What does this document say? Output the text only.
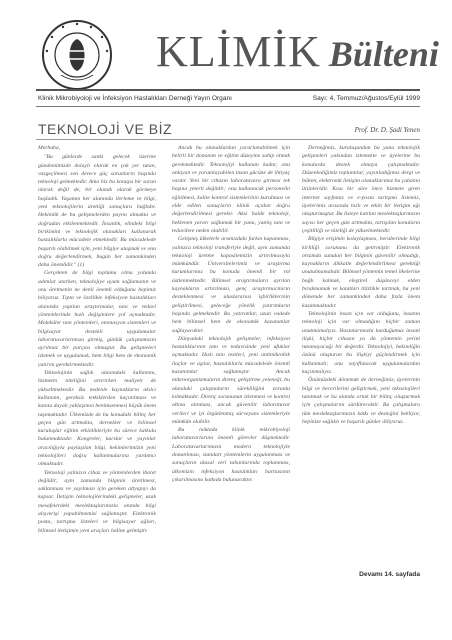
KLİMİK Bülteni
Klinik Mikrobiyoloji ve İnfeksiyon Hastalıkları Derneği Yayın Organı	Sayı: 4, Temmuz/Ağustos/Eylül 1999
TEKNOLOJİ VE BİZ	Prof. Dr. D. Şadi Yenen

Merhaba,

"Bu günlerde sanki gelecek üzerine gündemimizde dolaylı olarak en çok yer tutan, vazgeçilmesi son derece güç sorunların başında teknoloji gelmektedir. Ama biz bu konuyu bir sorun olarak değil de, bir olanak olarak görmeye başladık. Yaşamın her alanında ilerleme ve bilgi, yeni teknolojilerin ürettiği sonuçlara bağlıdır. Hekimlik de bu gelişmelerden payını almakta ve doğrudan etkilenmektedir. İnsanlık, elindeki bilgi birikimini ve teknolojik olanakları kullanarak hastalıklarla mücadele etmektedir. Bu mücadelede başarılı olabilmek için, yeni bilgiye ulaşmak ve onu doğru değerlendirmek, bugün her zamankinden daha önemlidir." (1)

Gerçekten de bilgi toplumu olma yolunda adımlar atarken, teknolojiye uyum sağlamanın ve onu üretmenin ne denli önemli olduğunu hepimiz biliyoruz. Tıpta ve özellikle infeksiyon hastalıkları alanında yapılan araştırmalar, tanı ve tedavi yöntemlerinde hızlı değişimlere yol açmaktadır. Moleküler tanı yöntemleri, otomasyon sistemleri ve bilgisayar destekli uygulamalar laboratuvarlarımıza girmiş, günlük çalışmamızın ayrılmaz bir parçası olmuştur. Bu gelişmeleri izlemek ve uygulamak, hem bilgi hem de ekonomik yatırım gerektirmektedir.

Teknolojinin sağlık alanındaki kullanımı, hizmetin niteliğini artırırken maliyeti de yükseltmektedir. Bu nedenle kaynakların akılcı kullanımı, gereksiz tetkiklerden kaçınılması ve kanıta dayalı yaklaşımın benimsenmesi büyük önem taşımaktadır. Ülkemizde de bu konudaki bilinç her geçen gün artmakta, dernekler ve bilimsel kuruluşlar eğitim etkinlikleriyle bu sürece katkıda bulunmaktadır. Kongreler, kurslar ve yayınlar aracılığıyla paylaşılan bilgi, hekimlerimizin yeni teknolojileri doğru kullanmalarına yardımcı olmaktadır.

Teknoloji yalnızca cihaz ve yöntemlerden ibaret değildir; aynı zamanda bilginin üretilmesi, saklanması ve yayılması için gereken altyapıyı da kapsar. İletişim teknolojilerindeki gelişmeler, uzak mesafelerdeki meslektaşlarımızla anında bilgi alışverişi yapabilmemizi sağlamıştır. Elektronik posta, tartışma listeleri ve bilgisayar ağları, bilimsel iletişimin yeni araçları haline gelmiştir.

Ancak bu olanaklardan yararlanabilmek için belirli bir donanım ve eğitim düzeyine sahip olmak gerekmektedir. Teknolojiyi kullanan kadar, onu anlayan ve yorumlayabilen insan gücüne de ihtiyaç vardır. Yeni bir cihazın laboratuvara girmesi tek başına yeterli değildir; onu kullanacak personelin eğitilmesi, kalite kontrol sistemlerinin kurulması ve elde edilen sonuçların klinik açıdan doğru değerlendirilmesi gerekir. Aksi halde teknoloji, beklenen yararı sağlamak bir yana, yanlış tanı ve tedavilere neden olabilir.

Gelişmiş ülkelerle aramızdaki farkın kapanması, yalnızca teknoloji transferiyle değil, aynı zamanda teknoloji üretme kapasitemizin artırılmasıyla mümkündür. Üniversitelerimiz ve araştırma kurumlarımız bu konuda önemli bir rol üstlenmektedir. Bilimsel araştırmalara ayrılan kaynakların artırılması, genç araştırmacıların desteklenmesi ve uluslararası işbirliklerinin geliştirilmesi, geleceğe yönelik yatırımların başında gelmektedir. Bu yatırımlar, uzun vadede hem bilimsel hem de ekonomik kazanımlar sağlayacaktır.

Dünyadaki teknolojik gelişmeler, infeksiyon hastalıklarının tanı ve tedavisinde yeni ufuklar açmaktadır. Hızlı tanı testleri, yeni antimikrobik ilaçlar ve aşılar, hastalıklarla mücadelede önemli kazanımlar sağlamıştır. Ancak mikroorganizmaların direnç geliştirme yeteneği, bu alandaki çalışmaların sürekliliğini zorunlu kılmaktadır. Direnç sorununun izlenmesi ve kontrol altına alınması, ancak güvenilir laboratuvar verileri ve iyi örgütlenmiş sürveyans sistemleriyle mümkün olabilir.

Bu noktada klinik mikrobiyoloji laboratuvarlarına önemli görevler düşmektedir. Laboratuvarlarımızın modern teknolojiyle donatılması, standart yöntemlerin uygulanması ve sonuçların ulusal veri tabanlarında toplanması, ülkemizin infeksiyon hastalıkları haritasının çıkarılmasına katkıda bulunacaktır.

Derneğimiz, kuruluşundan bu yana teknolojik gelişmeleri yakından izlemekte ve üyelerine bu konularda destek olmaya çalışmaktadır. Düzenlediğimiz toplantılar, yayınladığımız dergi ve bülten, elektronik iletişim olanaklarımız bu çabanın ürünleridir. Kısa bir süre önce hizmete giren internet sayfamız ve e-posta tartışma listemiz, üyelerimiz arasında hızlı ve etkin bir iletişim ağı oluşturmuştur. Bu listeye katılan meslektaşlarımızın sayısı her geçen gün artmakta, tartışılan konuların çeşitliliği ve niteliği de yükselmektedir.

Bilgiye erişimin kolaylaşması, beraberinde bilgi kirliliği sorununu da getirmiştir. Elektronik ortamda sunulan her bilginin güvenilir olmadığı, kaynakların dikkatle değerlendirilmesi gerektiği unutulmamalıdır. Bilimsel yöntemin temel ilkelerine bağlı kalmak, eleştirel düşünceyi elden bırakmamak ve kanıtları titizlikle tartmak, bu yeni dönemde her zamankinden daha fazla önem kazanmaktadır.

Teknolojinin insan için var olduğunu, insanın teknoloji için var olmadığını hiçbir zaman unutmamalıyız. Hastalarımızla kurduğumuz insani ilişki, hiçbir cihazın ya da yöntemin yerini tutamayacağı bir değerdir. Teknolojiyi, hekimliğin özünü oluşturan bu ilişkiyi güçlendirmek için kullanmalı; onu zayıflatacak uygulamalardan kaçınmalıyız.

Önümüzdeki dönemde de derneğimiz, üyelerinin bilgi ve becerilerini geliştirmek, yeni teknolojileri tanıtmak ve bu alanda ortak bir bilinç oluşturmak için çalışmalarını sürdürecektir. Bu çalışmalara tüm meslektaşlarımızın katkı ve desteğini bekliyor, hepinize sağlıklı ve başarılı günler diliyoruz.

Devamı 14. sayfada
